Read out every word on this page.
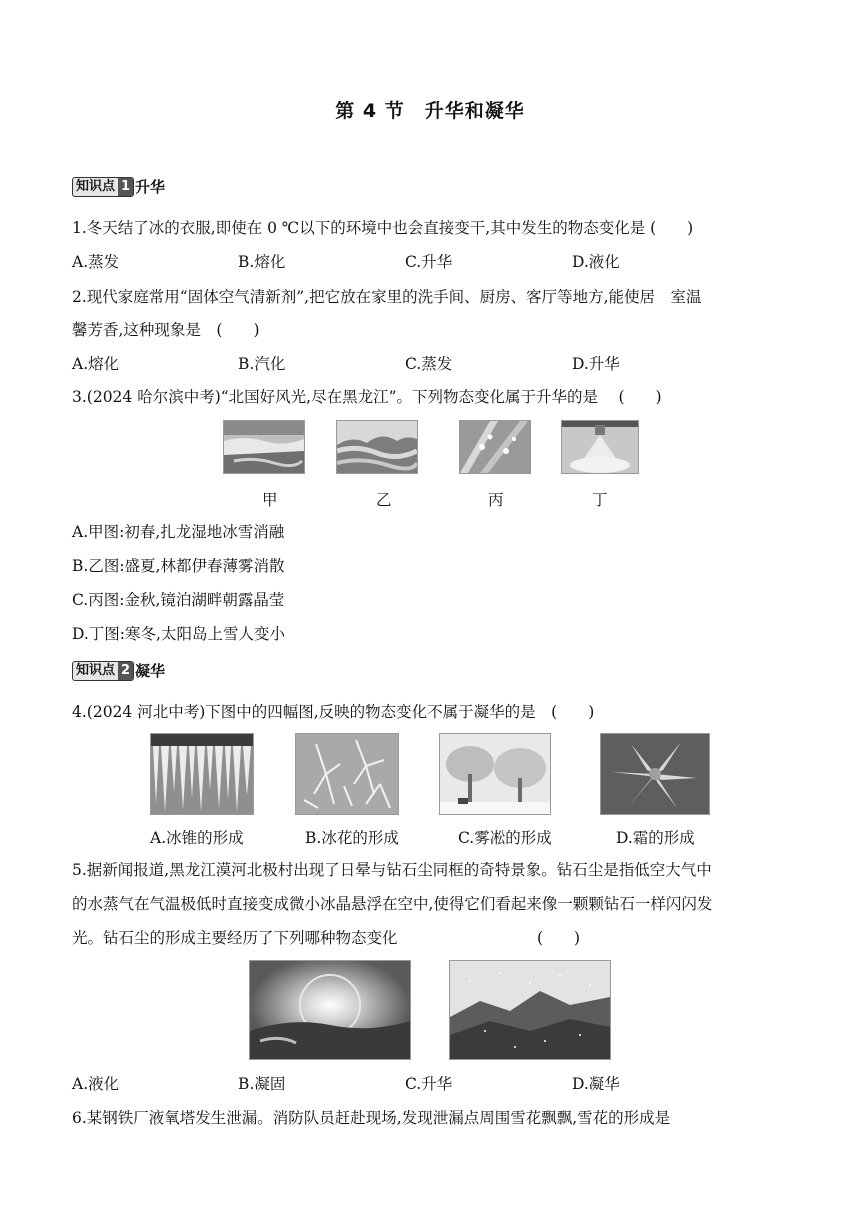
第 4 节　升华和凝华
知识点 1 升华
1.冬天结了冰的衣服,即使在 0 ℃以下的环境中也会直接变干,其中发生的物态变化是 (　　)
A.蒸发	B.熔化	C.升华	D.液化
2.现代家庭常用“固体空气清新剂”,把它放在家里的洗手间、厨房、客厅等地方,能使居　室温
馨芳香,这种现象是　(　　)
A.熔化	B.汽化	C.蒸发	D.升华
3.(2024 哈尔滨中考)“北国好风光,尽在黑龙江”。下列物态变化属于升华的是　 (　　)
甲	乙	丙	丁
A.甲图:初春,扎龙湿地冰雪消融
B.乙图:盛夏,林都伊春薄雾消散
C.丙图:金秋,镜泊湖畔朝露晶莹
D.丁图:寒冬,太阳岛上雪人变小
知识点 2 凝华
4.(2024 河北中考)下图中的四幅图,反映的物态变化不属于凝华的是　(　　)
A.冰锥的形成	B.冰花的形成	C.雾凇的形成	D.霜的形成
5.据新闻报道,黑龙江漠河北极村出现了日晕与钻石尘同框的奇特景象。钻石尘是指低空大气中
的水蒸气在气温极低时直接变成微小冰晶悬浮在空中,使得它们看起来像一颗颗钻石一样闪闪发
光。钻石尘的形成主要经历了下列哪种物态变化　　　　　　　　　(　　)
A.液化	B.凝固	C.升华	D.凝华
6.某钢铁厂液氧塔发生泄漏。消防队员赶赴现场,发现泄漏点周围雪花飘飘,雪花的形成是
